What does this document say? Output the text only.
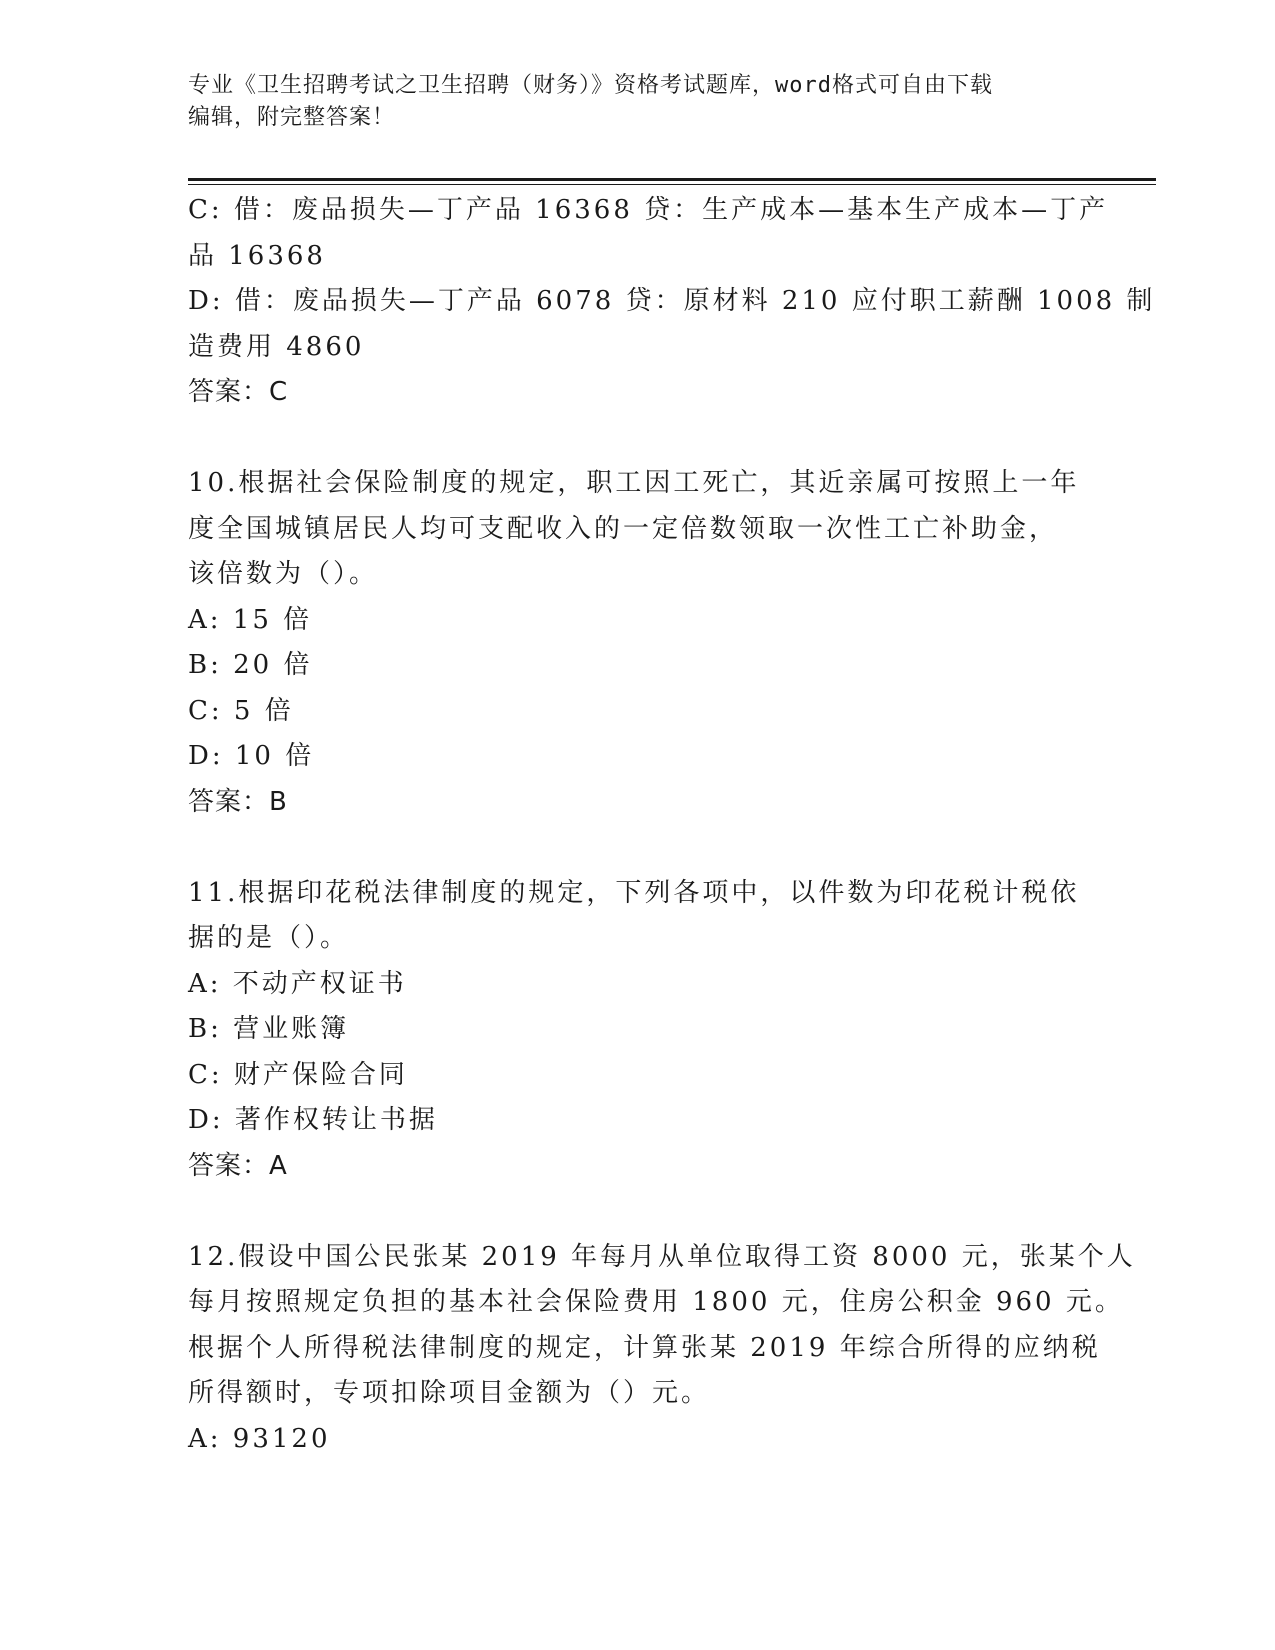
专业《卫生招聘考试之卫生招聘（财务）》资格考试题库，word格式可自由下载
编辑，附完整答案！
C: 借：废品损失—丁产品 16368 贷：生产成本—基本生产成本—丁产
品 16368
D: 借：废品损失—丁产品 6078 贷：原材料 210 应付职工薪酬 1008 制
造费用 4860
答案：C
10.根据社会保险制度的规定，职工因工死亡，其近亲属可按照上一年
度全国城镇居民人均可支配收入的一定倍数领取一次性工亡补助金，
该倍数为（）。
A: 15 倍
B: 20 倍
C: 5 倍
D: 10 倍
答案：B
11.根据印花税法律制度的规定，下列各项中，以件数为印花税计税依
据的是（）。
A: 不动产权证书
B: 营业账簿
C: 财产保险合同
D: 著作权转让书据
答案：A
12.假设中国公民张某 2019 年每月从单位取得工资 8000 元，张某个人
每月按照规定负担的基本社会保险费用 1800 元，住房公积金 960 元。
根据个人所得税法律制度的规定，计算张某 2019 年综合所得的应纳税
所得额时，专项扣除项目金额为（）元。
A: 93120
